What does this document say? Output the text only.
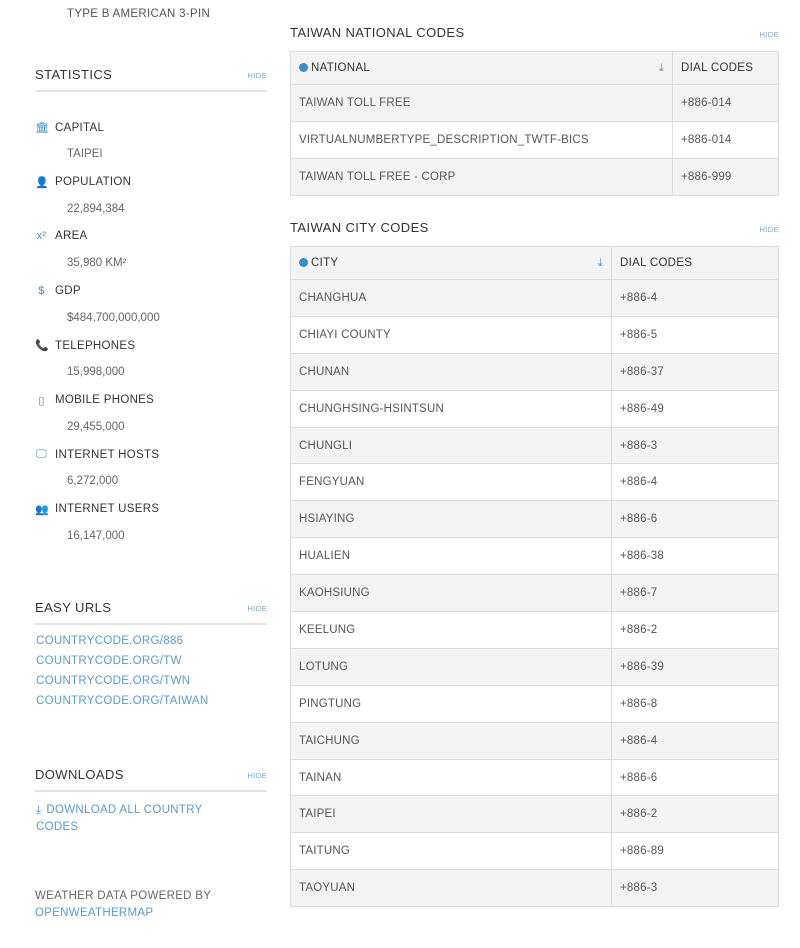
TYPE B AMERICAN 3-PIN
STATISTICS	HIDE
🏛 CAPITAL
TAIPEI
👤 POPULATION
22,894,384
x² AREA
35,980 KM²
$ GDP
$484,700,000,000
📞 TELEPHONES
15,998,000
▯ MOBILE PHONES
29,455,000
🖵 INTERNET HOSTS
6,272,000
👥 INTERNET USERS
16,147,000
EASY URLS	HIDE
COUNTRYCODE.ORG/886
COUNTRYCODE.ORG/TW
COUNTRYCODE.ORG/TWN
COUNTRYCODE.ORG/TAIWAN
DOWNLOADS	HIDE
⤓ DOWNLOAD ALL COUNTRY CODES
WEATHER DATA POWERED BY
OPENWEATHERMAP
TAIWAN NATIONAL CODES	HIDE
NATIONAL ⤓	DIAL CODES
TAIWAN TOLL FREE	+886-014
VIRTUALNUMBERTYPE_DESCRIPTION_TWTF-BICS	+886-014
TAIWAN TOLL FREE - CORP	+886-999
TAIWAN CITY CODES	HIDE
CITY ⤓	DIAL CODES
CHANGHUA	+886-4
CHIAYI COUNTY	+886-5
CHUNAN	+886-37
CHUNGHSING-HSINTSUN	+886-49
CHUNGLI	+886-3
FENGYUAN	+886-4
HSIAYING	+886-6
HUALIEN	+886-38
KAOHSIUNG	+886-7
KEELUNG	+886-2
LOTUNG	+886-39
PINGTUNG	+886-8
TAICHUNG	+886-4
TAINAN	+886-6
TAIPEI	+886-2
TAITUNG	+886-89
TAOYUAN	+886-3
